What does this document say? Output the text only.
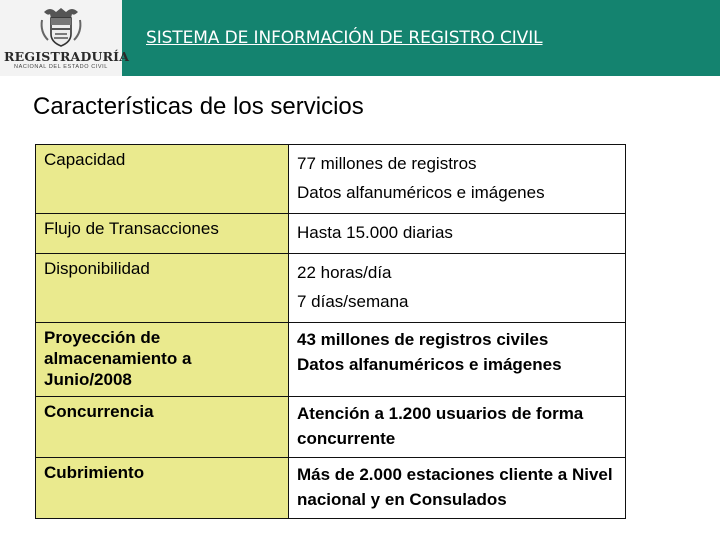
REGISTRADURÍA
NACIONAL DEL ESTADO CIVIL
SISTEMA DE INFORMACIÓN DE REGISTRO CIVIL
Características de los servicios
Capacidad	77 millones de registros
Datos alfanuméricos e imágenes

Flujo de Transacciones	Hasta 15.000 diarias

Disponibilidad	22 horas/día
7 días/semana

Proyección de almacenamiento a Junio/2008	43 millones de registros civiles
Datos alfanuméricos e imágenes

Concurrencia	Atención a 1.200 usuarios de forma concurrente

Cubrimiento	Más de 2.000 estaciones cliente a Nivel nacional y en Consulados
